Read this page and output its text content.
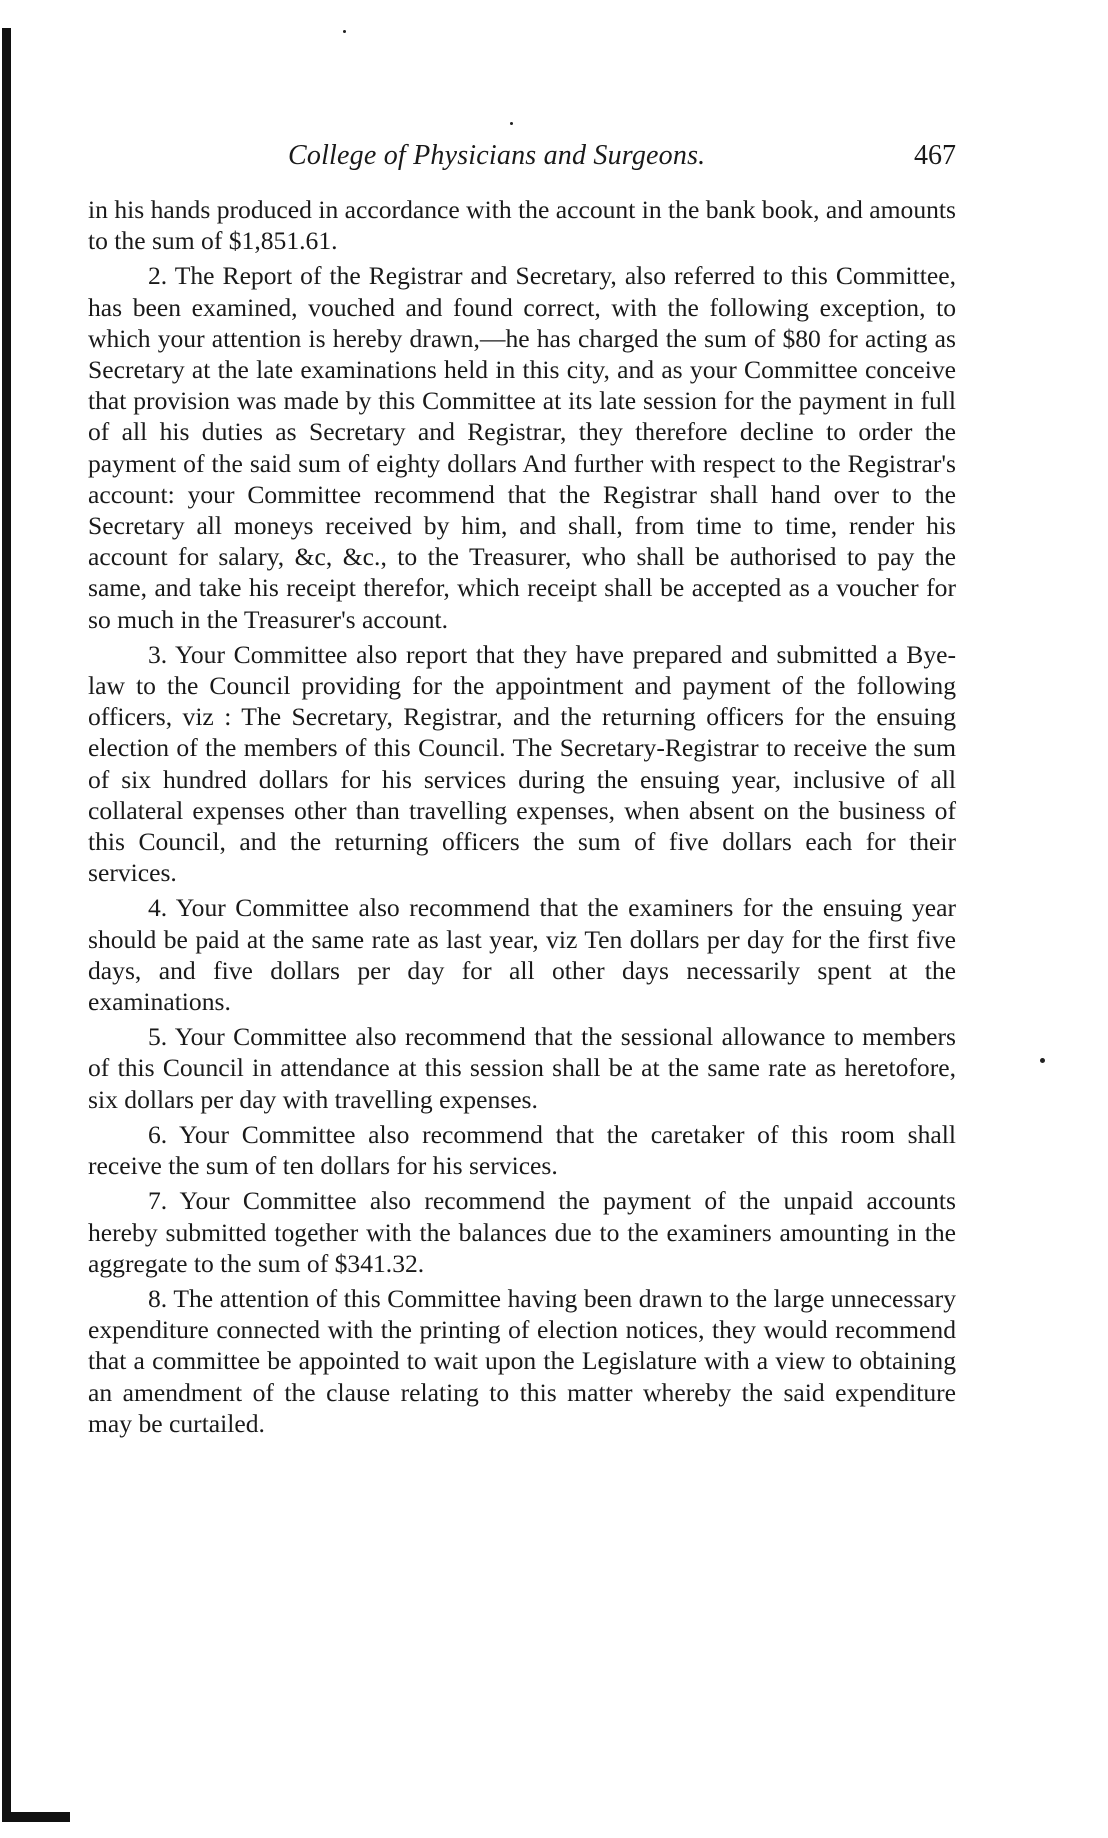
College of Physicians and Surgeons.	467

in his hands produced in accordance with the account in the bank book, and amounts to the sum of $1,851.61.

2. The Report of the Registrar and Secretary, also referred to this Committee, has been examined, vouched and found correct, with the following exception, to which your attention is hereby drawn,—he has charged the sum of $80 for acting as Secretary at the late examinations held in this city, and as your Committee conceive that provision was made by this Committee at its late session for the payment in full of all his duties as Secretary and Registrar, they therefore decline to order the payment of the said sum of eighty dollars And further with respect to the Registrar's account: your Committee recommend that the Registrar shall hand over to the Secretary all moneys received by him, and shall, from time to time, render his account for salary, &c, &c., to the Treasurer, who shall be authorised to pay the same, and take his receipt therefor, which receipt shall be accepted as a voucher for so much in the Treasurer's account.

3. Your Committee also report that they have prepared and submitted a Bye-law to the Council providing for the appointment and payment of the following officers, viz : The Secretary, Registrar, and the returning officers for the ensuing election of the members of this Council. The Secretary-Registrar to receive the sum of six hundred dollars for his services during the ensuing year, inclusive of all collateral expenses other than travelling expenses, when absent on the business of this Council, and the returning officers the sum of five dollars each for their services.

4. Your Committee also recommend that the examiners for the ensuing year should be paid at the same rate as last year, viz Ten dollars per day for the first five days, and five dollars per day for all other days necessarily spent at the examinations.

5. Your Committee also recommend that the sessional allowance to members of this Council in attendance at this session shall be at the same rate as heretofore, six dollars per day with travelling expenses.

6. Your Committee also recommend that the caretaker of this room shall receive the sum of ten dollars for his services.

7. Your Committee also recommend the payment of the unpaid accounts hereby submitted together with the balances due to the examiners amounting in the aggregate to the sum of $341.32.

8. The attention of this Committee having been drawn to the large unnecessary expenditure connected with the printing of election notices, they would recommend that a committee be appointed to wait upon the Legislature with a view to obtaining an amendment of the clause relating to this matter whereby the said expenditure may be curtailed.
